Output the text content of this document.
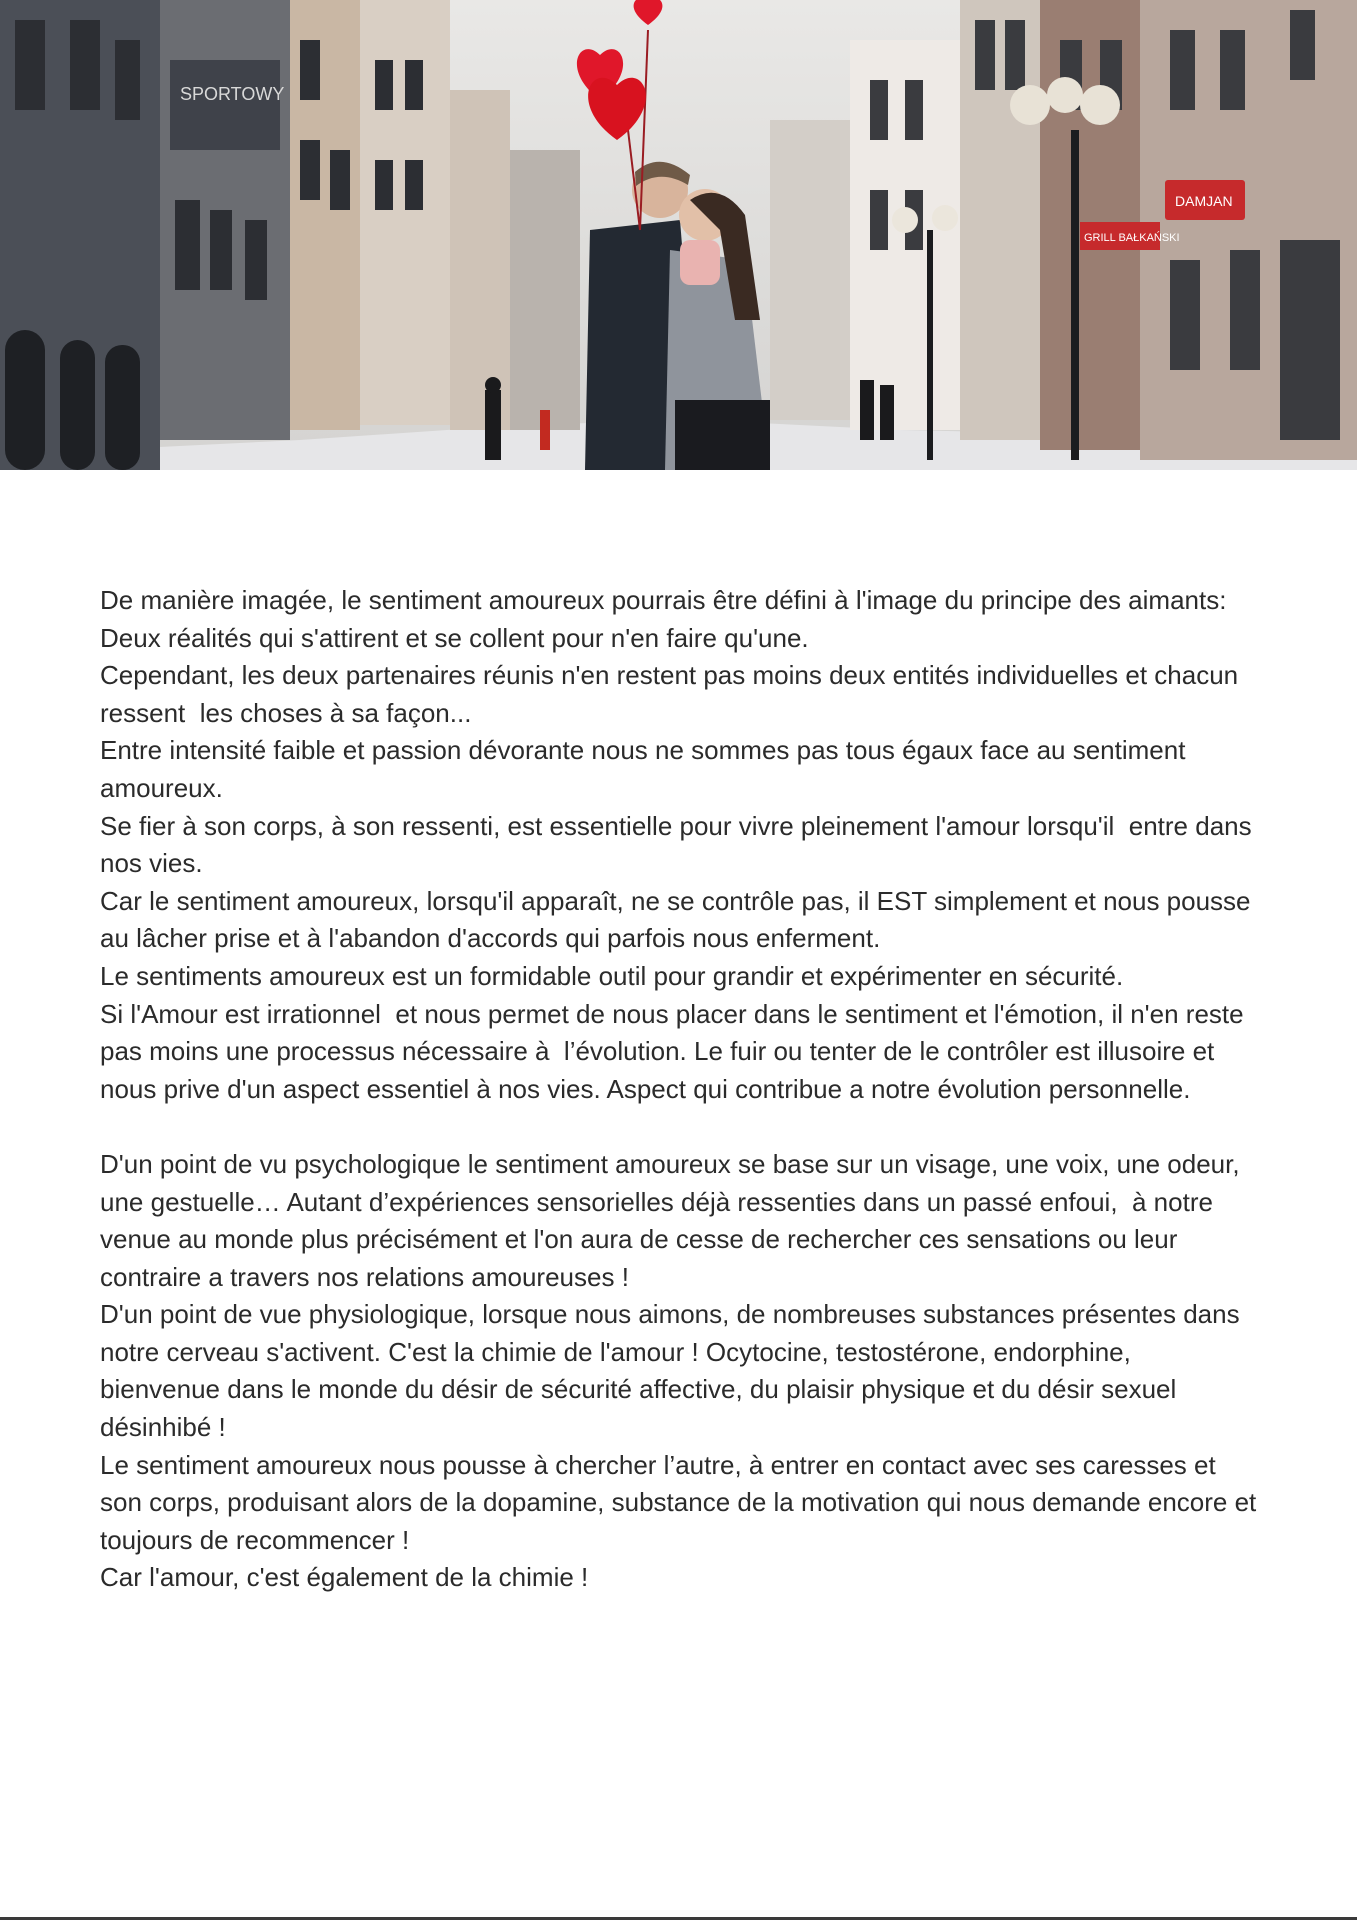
SPORTOWY
GRILL BAŁKAŃSKI
DAMJAN

De manière imagée, le sentiment amoureux pourrais être défini à l'image du principe des aimants:

Deux réalités qui s'attirent et se collent pour n'en faire qu'une.

Cependant, les deux partenaires réunis n'en restent pas moins deux entités individuelles et chacun ressent  les choses à sa façon...

Entre intensité faible et passion dévorante nous ne sommes pas tous égaux face au sentiment amoureux.

Se fier à son corps, à son ressenti, est essentielle pour vivre pleinement l'amour lorsqu'il  entre dans nos vies.

Car le sentiment amoureux, lorsqu'il apparaît, ne se contrôle pas, il EST simplement et nous pousse au lâcher prise et à l'abandon d'accords qui parfois nous enferment.

Le sentiments amoureux est un formidable outil pour grandir et expérimenter en sécurité.

Si l'Amour est irrationnel  et nous permet de nous placer dans le sentiment et l'émotion, il n'en reste pas moins une processus nécessaire à  l’évolution. Le fuir ou tenter de le contrôler est illusoire et nous prive d'un aspect essentiel à nos vies. Aspect qui contribue a notre évolution personnelle.

D'un point de vu psychologique le sentiment amoureux se base sur un visage, une voix, une odeur, une gestuelle… Autant d’expériences sensorielles déjà ressenties dans un passé enfoui,  à notre venue au monde plus précisément et l'on aura de cesse de rechercher ces sensations ou leur contraire a travers nos relations amoureuses !

D'un point de vue physiologique, lorsque nous aimons, de nombreuses substances présentes dans notre cerveau s'activent. C'est la chimie de l'amour ! Ocytocine, testostérone, endorphine,  bienvenue dans le monde du désir de sécurité affective, du plaisir physique et du désir sexuel désinhibé !

Le sentiment amoureux nous pousse à chercher l’autre, à entrer en contact avec ses caresses et son corps, produisant alors de la dopamine, substance de la motivation qui nous demande encore et toujours de recommencer !

Car l'amour, c'est également de la chimie !
